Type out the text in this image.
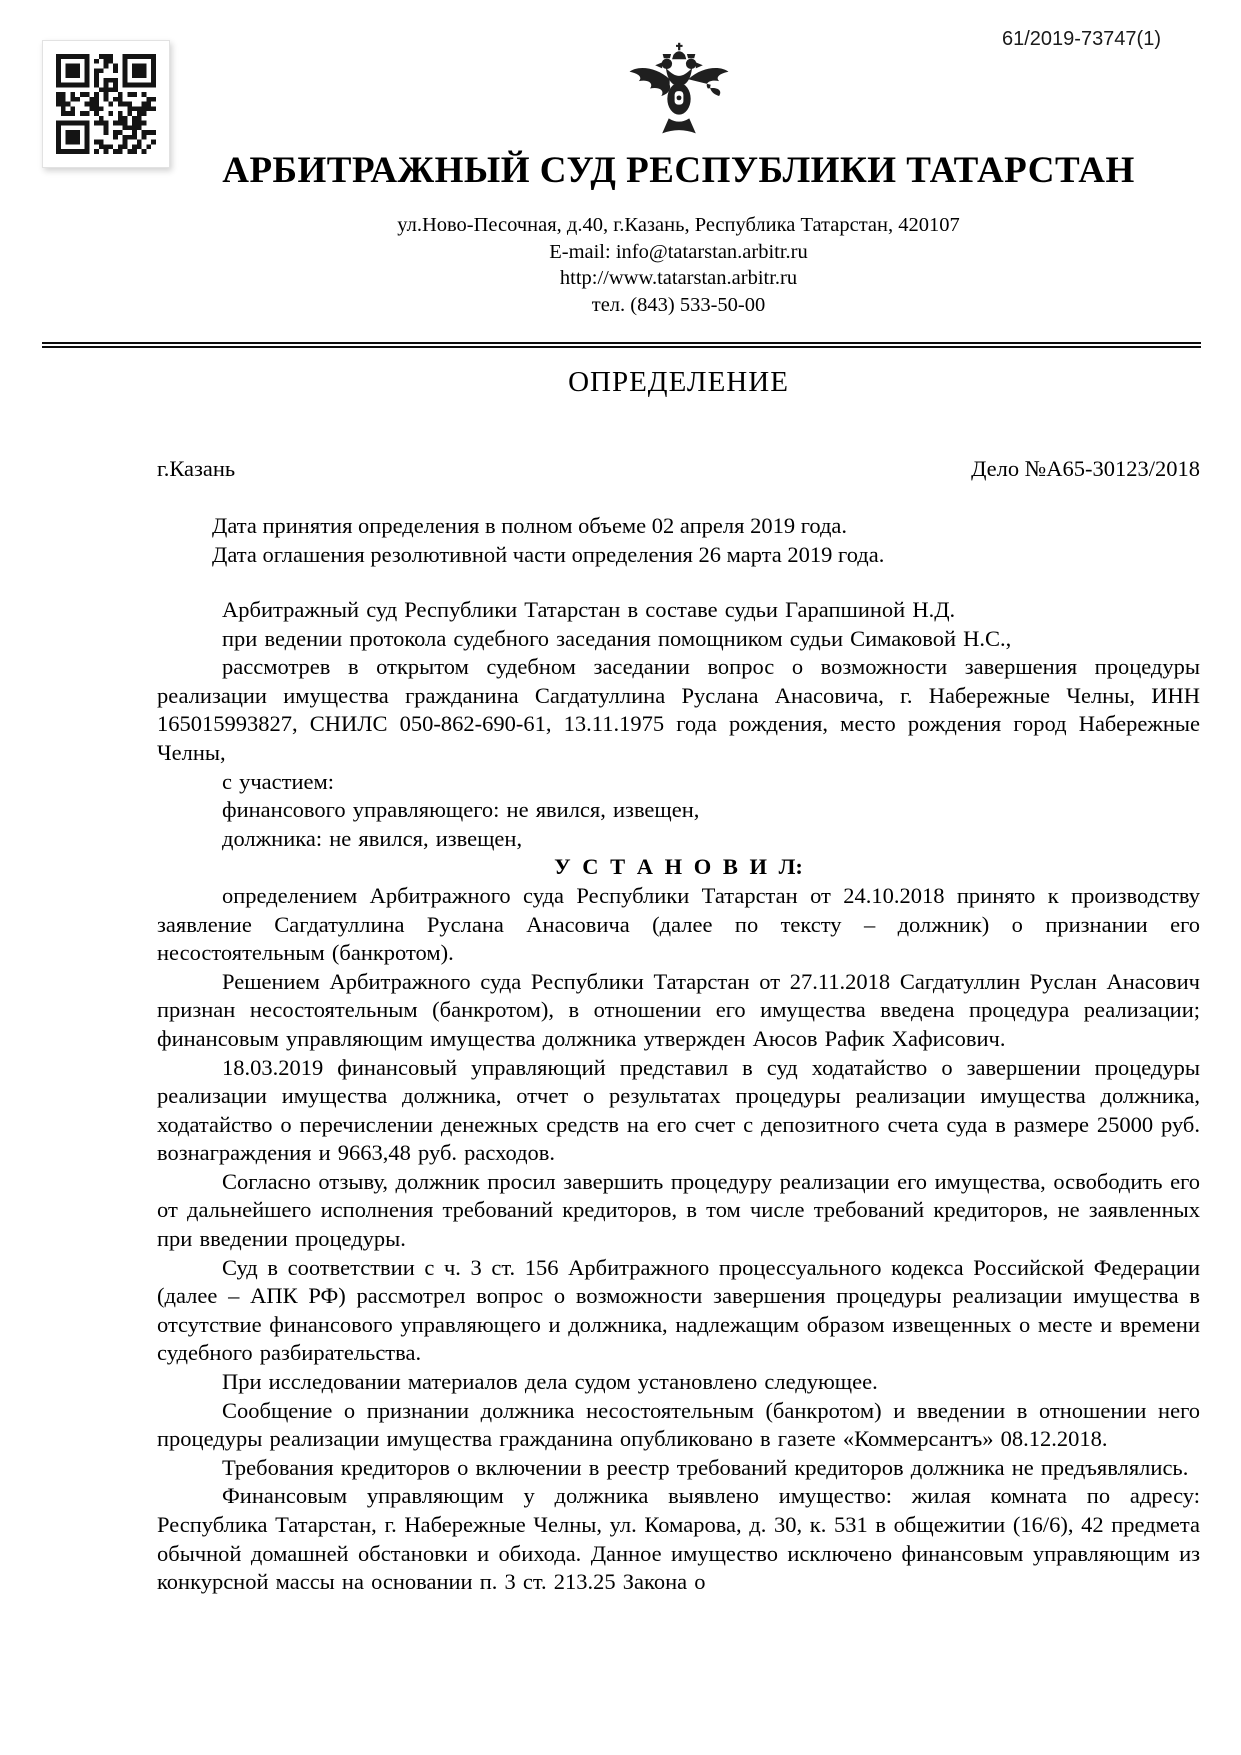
61/2019-73747(1)
АРБИТРАЖНЫЙ СУД РЕСПУБЛИКИ ТАТАРСТАН
ул.Ново-Песочная, д.40, г.Казань, Республика Татарстан, 420107
E-mail: info@tatarstan.arbitr.ru
http://www.tatarstan.arbitr.ru
тел. (843) 533-50-00
ОПРЕДЕЛЕНИЕ
г.Казань	Дело №А65-30123/2018

Дата принятия определения в полном объеме 02 апреля 2019 года.

Дата оглашения резолютивной части определения 26 марта 2019 года.

Арбитражный суд Республики Татарстан в составе судьи Гарапшиной Н.Д.

при ведении протокола судебного заседания помощником судьи Симаковой Н.С.,

рассмотрев в открытом судебном заседании вопрос о возможности завершения процедуры реализации имущества гражданина Сагдатуллина Руслана Анасовича, г. Набережные Челны, ИНН 165015993827, СНИЛС 050-862-690-61, 13.11.1975 года рождения, место рождения город Набережные Челны,

с участием:

финансового управляющего: не явился, извещен,

должника: не явился, извещен,

У С Т А Н О В И Л:

определением Арбитражного суда Республики Татарстан от 24.10.2018 принято к производству заявление Сагдатуллина Руслана Анасовича (далее по тексту – должник) о признании его несостоятельным (банкротом).

Решением Арбитражного суда Республики Татарстан от 27.11.2018 Сагдатуллин Руслан Анасович признан несостоятельным (банкротом), в отношении его имущества введена процедура реализации; финансовым управляющим имущества должника утвержден Аюсов Рафик Хафисович.

18.03.2019 финансовый управляющий представил в суд ходатайство о завершении процедуры реализации имущества должника, отчет о результатах процедуры реализации имущества должника, ходатайство о перечислении денежных средств на его счет с депозитного счета суда в размере 25000 руб. вознаграждения и 9663,48 руб. расходов.

Согласно отзыву, должник просил завершить процедуру реализации его имущества, освободить его от дальнейшего исполнения требований кредиторов, в том числе требований кредиторов, не заявленных при введении процедуры.

Суд в соответствии с ч. 3 ст. 156 Арбитражного процессуального кодекса Российской Федерации (далее – АПК РФ) рассмотрел вопрос о возможности завершения процедуры реализации имущества в отсутствие финансового управляющего и должника, надлежащим образом извещенных о месте и времени судебного разбирательства.

При исследовании материалов дела судом установлено следующее.

Сообщение о признании должника несостоятельным (банкротом) и введении в отношении него процедуры реализации имущества гражданина опубликовано в газете «Коммерсантъ» 08.12.2018.

Требования кредиторов о включении в реестр требований кредиторов должника не предъявлялись.

Финансовым управляющим у должника выявлено имущество: жилая комната по адресу: Республика Татарстан, г. Набережные Челны, ул. Комарова, д. 30, к. 531 в общежитии (16/6), 42 предмета обычной домашней обстановки и обихода. Данное имущество исключено финансовым управляющим из конкурсной массы на основании п. 3 ст. 213.25 Закона о
